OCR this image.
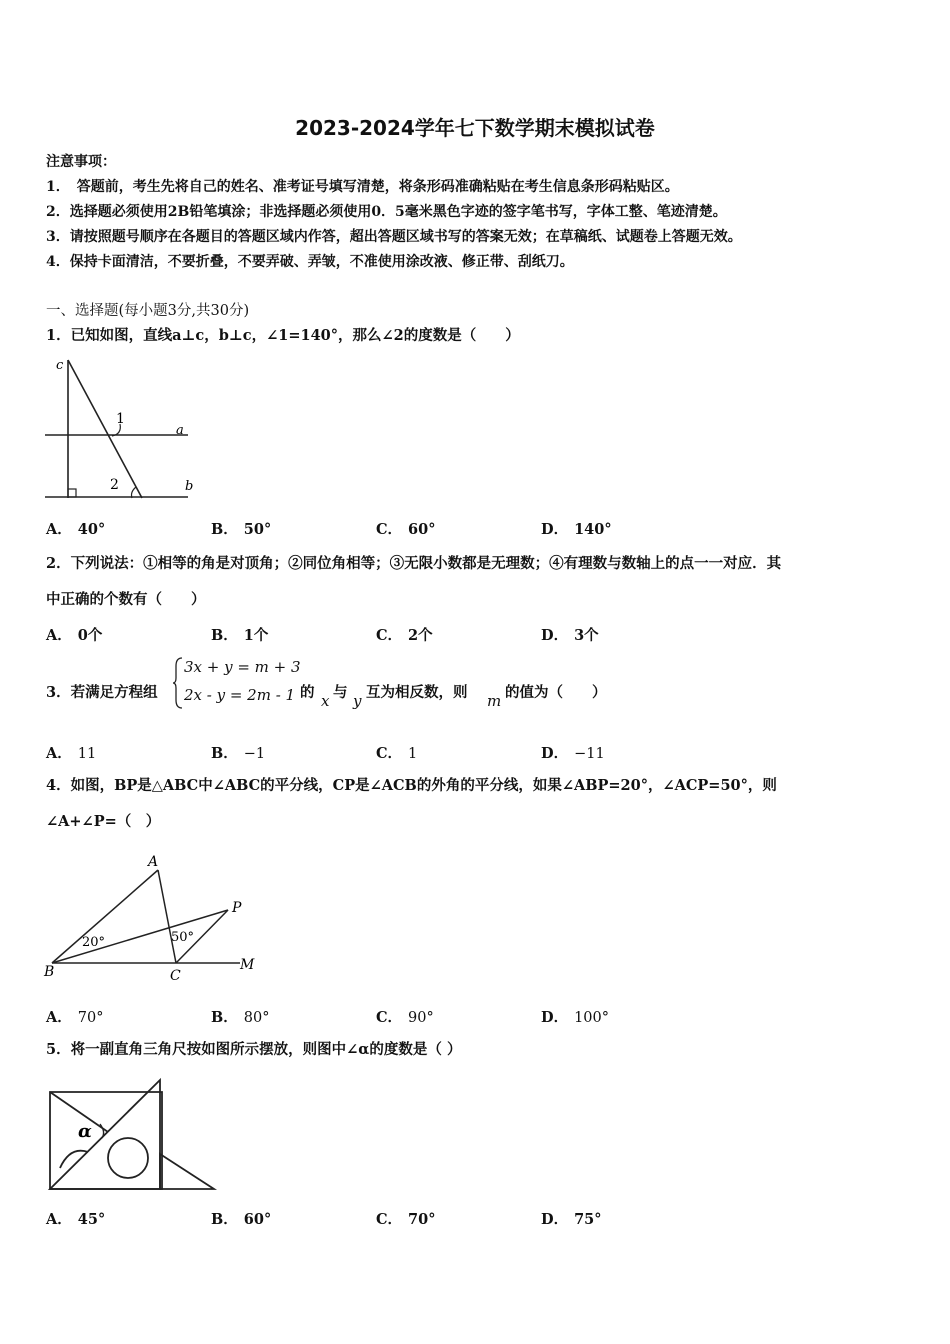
2023-2024学年七下数学期末模拟试卷
注意事项：
1．　答题前，考生先将自己的姓名、准考证号填写清楚，将条形码准确粘贴在考生信息条形码粘贴区。
2．选择题必须使用2B铅笔填涂；非选择题必须使用0．5毫米黑色字迹的签字笔书写，字体工整、笔迹清楚。
3．请按照题号顺序在各题目的答题区域内作答，超出答题区域书写的答案无效；在草稿纸、试题卷上答题无效。
4．保持卡面清洁，不要折叠，不要弄破、弄皱，不准使用涂改液、修正带、刮纸刀。
一、选择题(每小题3分,共30分)
1．已知如图，直线a⊥c，b⊥c，∠1=140°，那么∠2的度数是（　　）
c
a
b
1
2
A． 40°	B． 50°	C． 60°	D． 140°
2．下列说法：①相等的角是对顶角；②同位角相等；③无限小数都是无理数；④有理数与数轴上的点一一对应．其
中正确的个数有（　　）
A． 0个	B． 1个	C． 2个	D． 3个
3．若满足方程组
3x + y = m + 3
2x - y = 2m - 1 的 x 与 y 互为相反数，则 m 的值为（　　）
A． 11	B． −1	C． 1	D． −11
4．如图，BP是△ABC中∠ABC的平分线，CP是∠ACB的外角的平分线，如果∠ABP=20°，∠ACP=50°，则
∠A+∠P=（　）
A
B	C
P
M
20°	50°
A． 70°	B． 80°	C． 90°	D． 100°
5．将一副直角三角尺按如图所示摆放，则图中∠α的度数是（ ）
α
A． 45°	B． 60°	C． 70°	D． 75°
